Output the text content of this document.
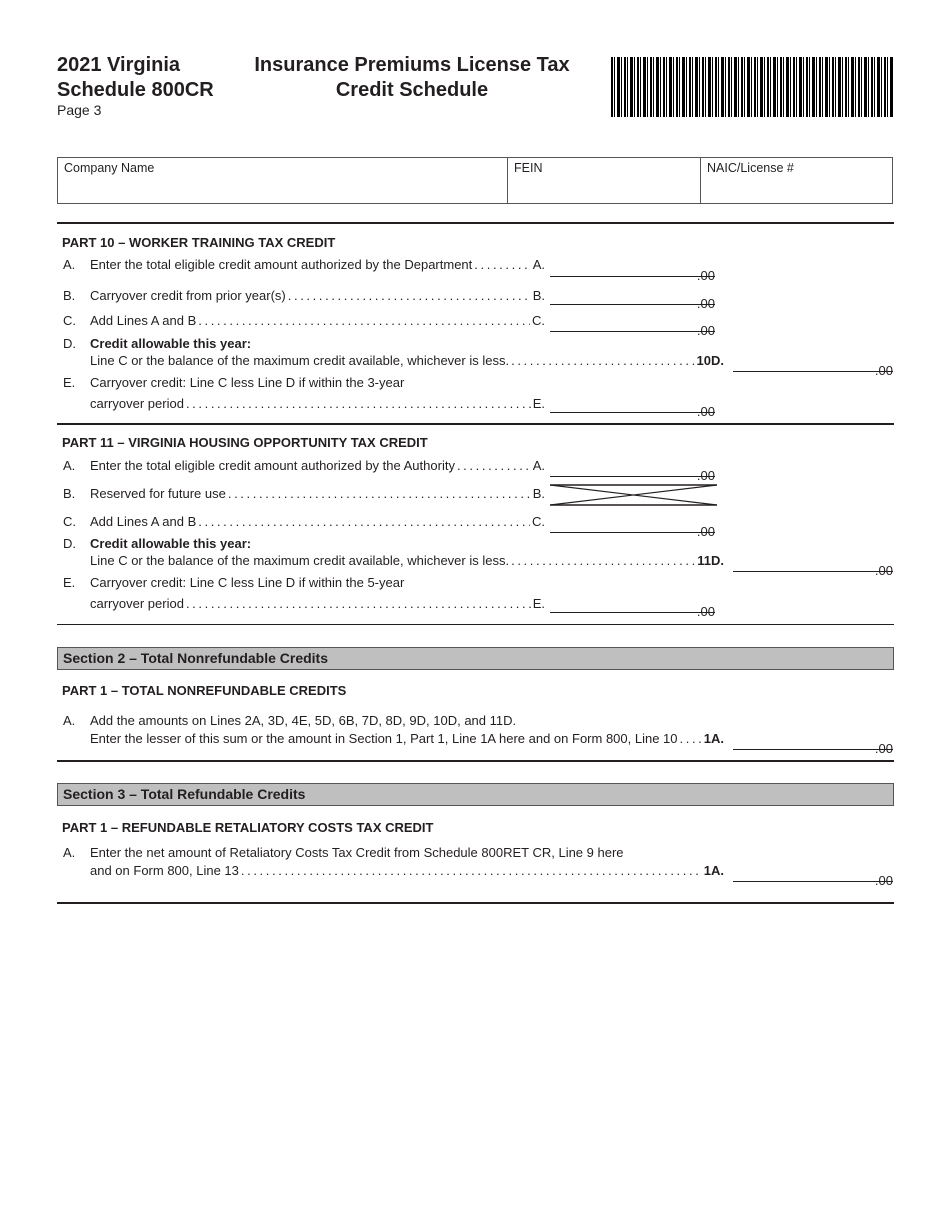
2021 Virginia
Schedule 800CR
Page 3
Insurance Premiums License Tax
Credit Schedule
Company Name	FEIN	NAIC/License #
PART 10 – WORKER TRAINING TAX CREDIT
A.	Enter the total eligible credit amount authorized by the Department . . .	A.
.00
B.	Carryover credit from prior year(s) . . .	B.
.00
C.	Add Lines A and B . . .	C.
.00
D.	Credit allowable this year:
Line C or the balance of the maximum credit available, whichever is less. . . .	10D.
.00
E.	Carryover credit: Line C less Line D if within the 3-year
carryover period . . .	E.
.00
PART 11 – VIRGINIA HOUSING OPPORTUNITY TAX CREDIT
A.	Enter the total eligible credit amount authorized by the Authority . . .	A.
.00
B.	Reserved for future use . . .	B.
C.	Add Lines A and B . . .	C.
.00
D.	Credit allowable this year:
Line C or the balance of the maximum credit available, whichever is less. . . .	11D.
.00
E.	Carryover credit: Line C less Line D if within the 5-year
carryover period . . .	E.
.00
Section 2 – Total Nonrefundable Credits
PART 1 – TOTAL NONREFUNDABLE CREDITS
A.	Add the amounts on Lines 2A, 3D, 4E, 5D, 6B, 7D, 8D, 9D, 10D, and 11D.
Enter the lesser of this sum or the amount in Section 1, Part 1, Line 1A here and on Form 800, Line 10 . . . 1A.
.00
Section 3 – Total Refundable Credits
PART 1 – REFUNDABLE RETALIATORY COSTS TAX CREDIT
A.	Enter the net amount of Retaliatory Costs Tax Credit from Schedule 800RET CR, Line 9 here
and on Form 800, Line 13 . . .	1A.
.00
